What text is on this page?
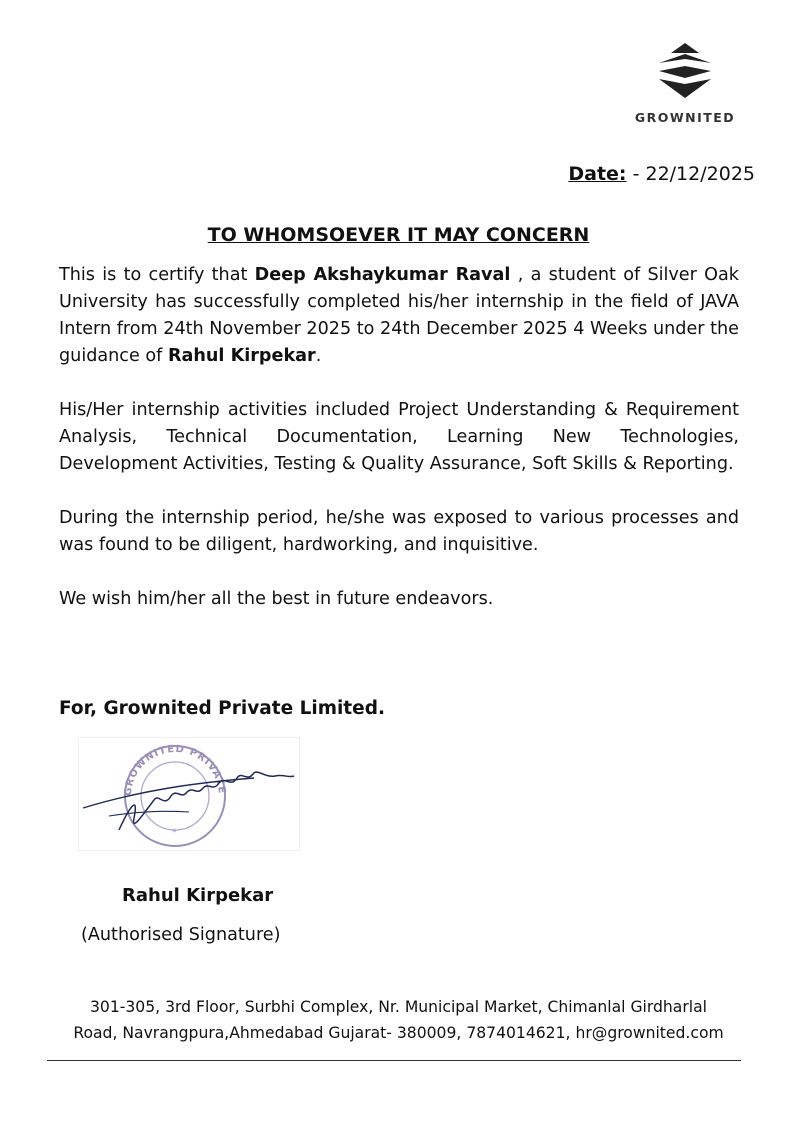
GROWNITED
Date: - 22/12/2025
TO WHOMSOEVER IT MAY CONCERN

This is to certify that Deep Akshaykumar Raval , a student of Silver Oak University has successfully completed his/her internship in the field of JAVA Intern from 24th November 2025 to 24th December 2025 4 Weeks under the guidance of Rahul Kirpekar.

His/Her internship activities included Project Understanding & Requirement Analysis, Technical Documentation, Learning New Technologies, Development Activities, Testing & Quality Assurance, Soft Skills & Reporting.

During the internship period, he/she was exposed to various processes and was found to be diligent, hardworking, and inquisitive.

We wish him/her all the best in future endeavors.

For, Grownited Private Limited.
GROWNITED PRIVATE
*
Rahul Kirpekar
(Authorised Signature)
301-305, 3rd Floor, Surbhi Complex, Nr. Municipal Market, Chimanlal Girdharlal
Road, Navrangpura,Ahmedabad Gujarat- 380009, 7874014621, hr@grownited.com
